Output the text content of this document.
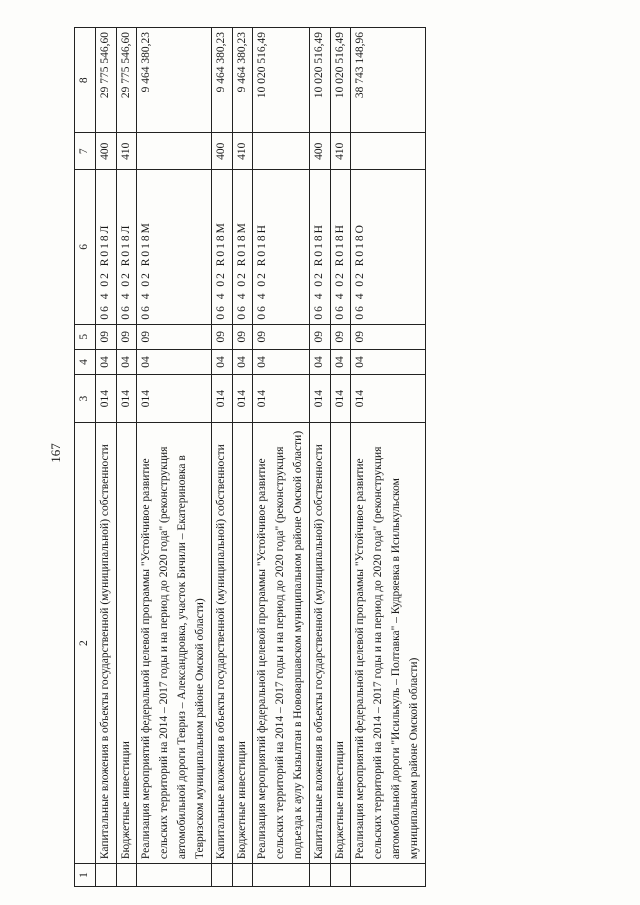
167
1	2	3	4	5	6	7	8
	Капитальные вложения в объекты государственной (муниципальной) собственности	014	04	09	06 4 02 R018Л	400	29 775 546,60
	Бюджетные инвестиции	014	04	09	06 4 02 R018Л	410	29 775 546,60
	Реализация мероприятий федеральной целевой программы "Устойчивое развитие сельских территорий на 2014 – 2017 годы и на период до 2020 года" (реконструкция автомобильной дороги Тевриз – Александровка, участок Бичили – Екатериновка в Тевризском муниципальном районе Омской области)	014	04	09	06 4 02 R018M		9 464 380,23
	Капитальные вложения в объекты государственной (муниципальной) собственности	014	04	09	06 4 02 R018M	400	9 464 380,23
	Бюджетные инвестиции	014	04	09	06 4 02 R018M	410	9 464 380,23
	Реализация мероприятий федеральной целевой программы "Устойчивое развитие сельских территорий на 2014 – 2017 годы и на период до 2020 года" (реконструкция подъезда к аулу Кызылтан в Нововаршавском муниципальном районе Омской области)	014	04	09	06 4 02 R018H		10 020 516,49
	Капитальные вложения в объекты государственной (муниципальной) собственности	014	04	09	06 4 02 R018H	400	10 020 516,49
	Бюджетные инвестиции	014	04	09	06 4 02 R018H	410	10 020 516,49
	Реализация мероприятий федеральной целевой программы "Устойчивое развитие сельских территорий на 2014 – 2017 годы и на период до 2020 года" (реконструкция автомобильной дороги "Исилькуль – Полтавка" – Кудряевка в Исилькульском муниципальном районе Омской области)	014	04	09	06 4 02 R018O		38 743 148,96
